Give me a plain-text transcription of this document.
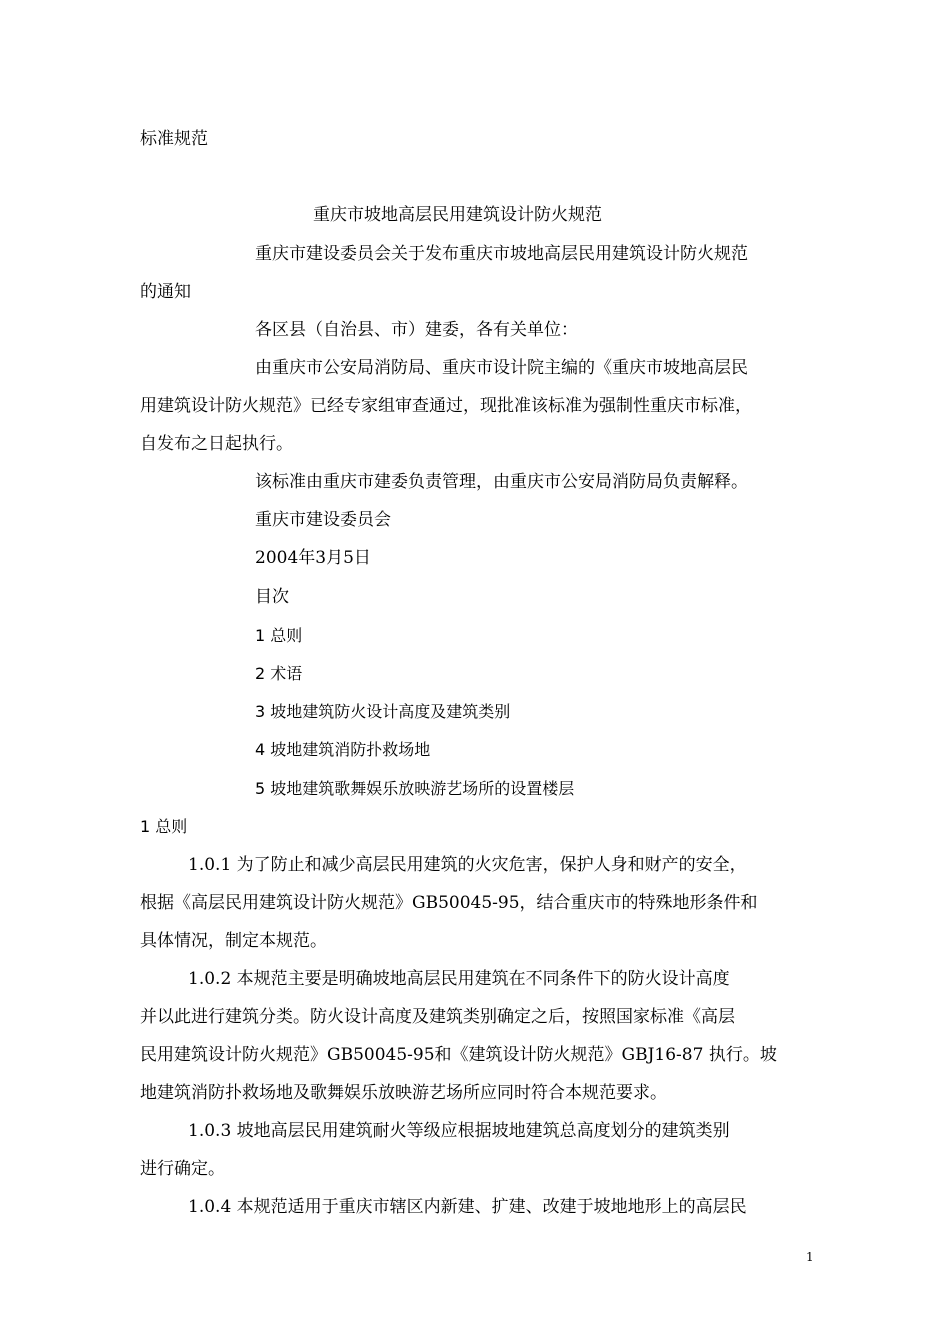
标准规范
重庆市坡地高层民用建筑设计防火规范
重庆市建设委员会关于发布重庆市坡地高层民用建筑设计防火规范
的通知
各区县（自治县、市）建委，各有关单位：
由重庆市公安局消防局、重庆市设计院主编的《重庆市坡地高层民
用建筑设计防火规范》已经专家组审查通过，现批准该标准为强制性重庆市标准，
自发布之日起执行。
该标准由重庆市建委负责管理，由重庆市公安局消防局负责解释。
重庆市建设委员会
2004年3月5日
目次
1 总则
2 术语
3 坡地建筑防火设计高度及建筑类别
4 坡地建筑消防扑救场地
5 坡地建筑歌舞娱乐放映游艺场所的设置楼层
1 总则
1.0.1 为了防止和减少高层民用建筑的火灾危害，保护人身和财产的安全，
根据《高层民用建筑设计防火规范》GB50045-95，结合重庆市的特殊地形条件和
具体情况，制定本规范。
1.0.2 本规范主要是明确坡地高层民用建筑在不同条件下的防火设计高度
并以此进行建筑分类。防火设计高度及建筑类别确定之后，按照国家标准《高层
民用建筑设计防火规范》GB50045-95和《建筑设计防火规范》GBJ16-87 执行。坡
地建筑消防扑救场地及歌舞娱乐放映游艺场所应同时符合本规范要求。
1.0.3 坡地高层民用建筑耐火等级应根据坡地建筑总高度划分的建筑类别
进行确定。
1.0.4 本规范适用于重庆市辖区内新建、扩建、改建于坡地地形上的高层民
1
